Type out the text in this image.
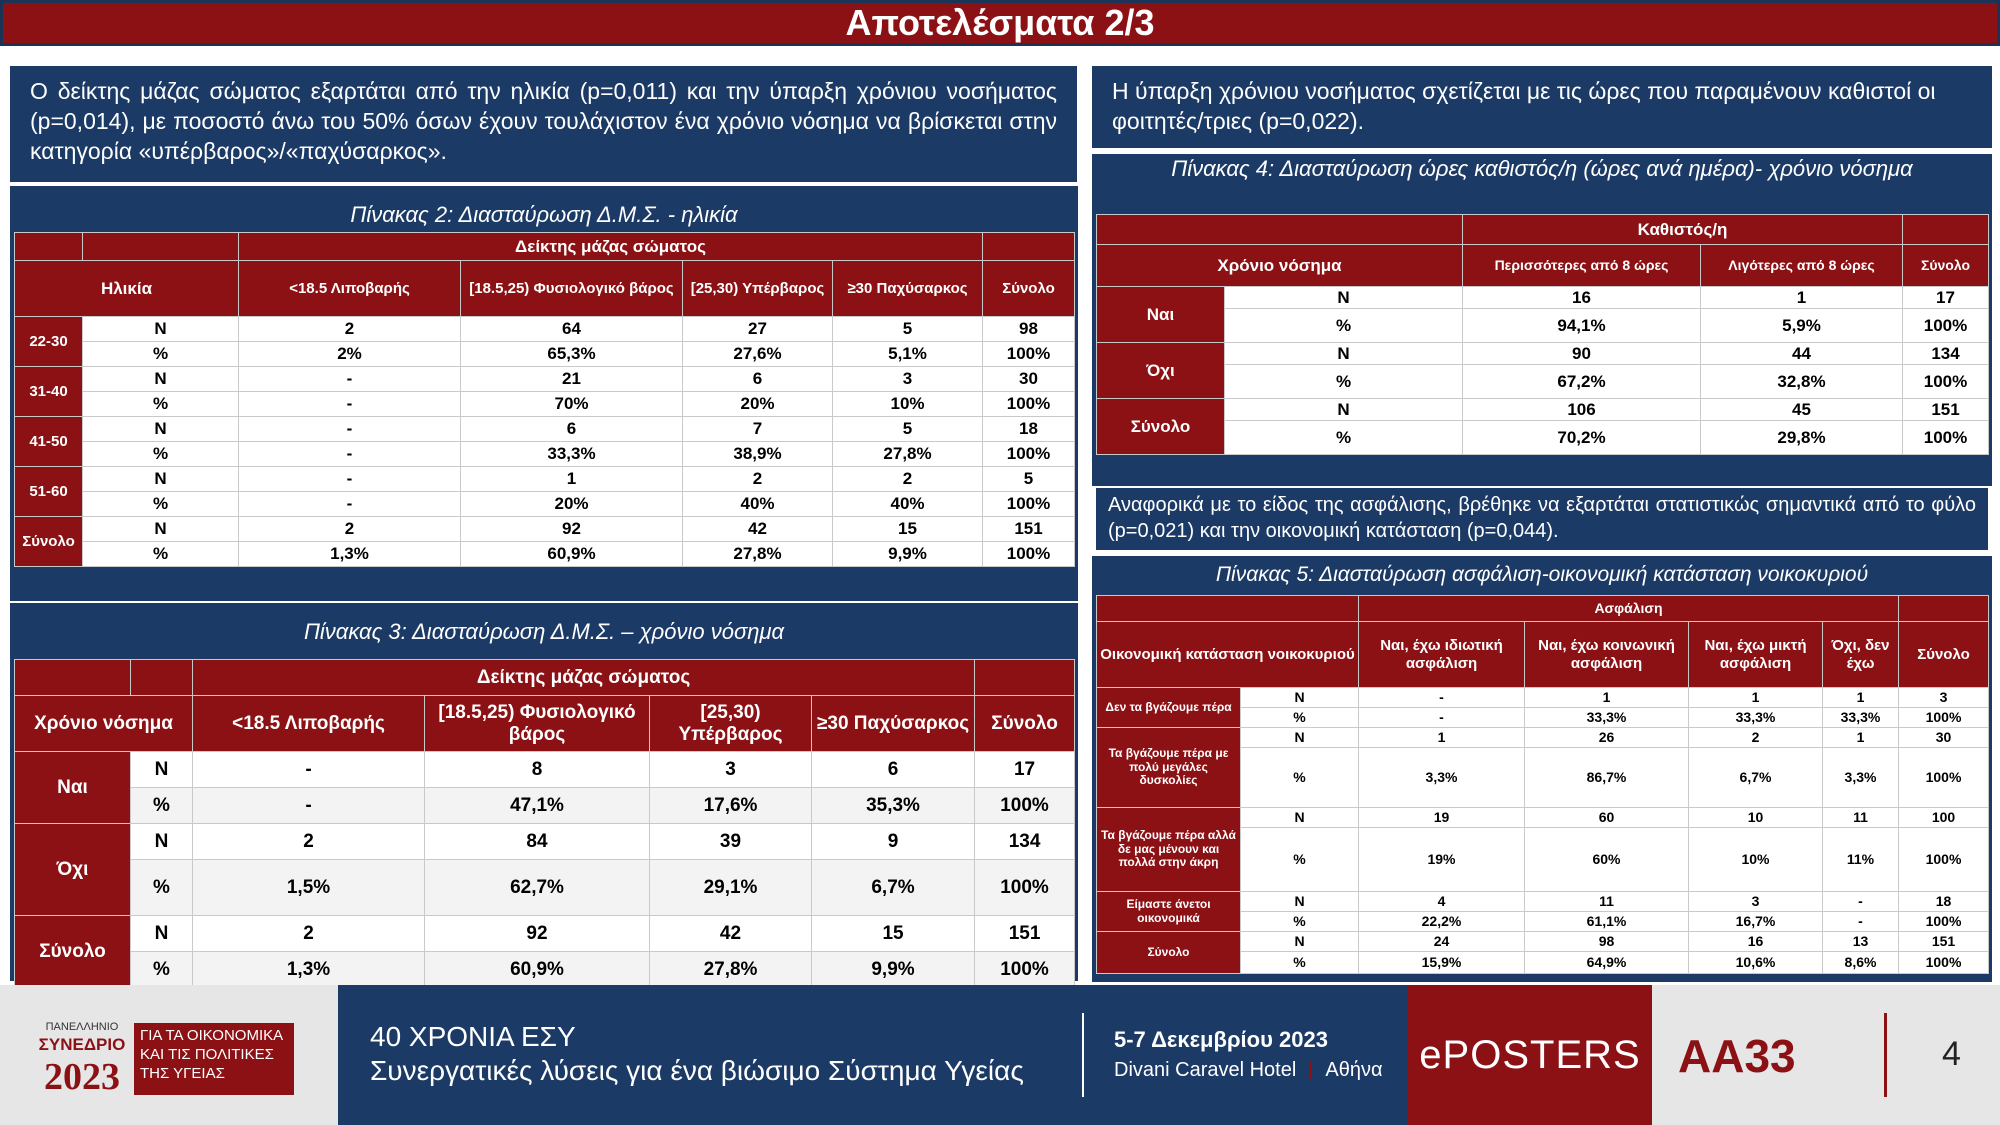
Αποτελέσματα 2/3
Ο δείκτης μάζας σώματος εξαρτάται από την ηλικία (p=0,011) και την ύπαρξη χρόνιου νοσήματος (p=0,014), με ποσοστό άνω του 50% όσων έχουν τουλάχιστον ένα χρόνιο νόσημα να βρίσκεται στην κατηγορία «υπέρβαρος»/«παχύσαρκος».
Η ύπαρξη χρόνιου νοσήματος σχετίζεται με τις ώρες που παραμένουν καθιστοί οι φοιτητές/τριες (p=0,022).
Πίνακας 2: Διασταύρωση Δ.Μ.Σ. - ηλικία
		Δείκτης μάζας σώματος				
Ηλικία		<18.5 Λιποβαρής	[18.5,25) Φυσιολογικό βάρος	[25,30) Υπέρβαρος	≥30 Παχύσαρκος	Σύνολο
22-30	Ν	2	64	27	5	98
	%	2%	65,3%	27,6%	5,1%	100%
31-40	Ν	-	21	6	3	30
	%	-	70%	20%	10%	100%
41-50	Ν	-	6	7	5	18
	%	-	33,3%	38,9%	27,8%	100%
51-60	Ν	-	1	2	2	5
	%	-	20%	40%	40%	100%
Σύνολο	Ν	2	92	42	15	151
	%	1,3%	60,9%	27,8%	9,9%	100%
Πίνακας 3: Διασταύρωση Δ.Μ.Σ. – χρόνιο νόσημα
		Δείκτης μάζας σώματος				
Χρόνιο νόσημα		<18.5 Λιποβαρής	[18.5,25) Φυσιολογικό βάρος	[25,30) Υπέρβαρος	≥30 Παχύσαρκος	Σύνολο
Ναι	Ν	-	8	3	6	17
	%	-	47,1%	17,6%	35,3%	100%
Όχι	Ν	2	84	39	9	134
	%	1,5%	62,7%	29,1%	6,7%	100%
Σύνολο	Ν	2	92	42	15	151
	%	1,3%	60,9%	27,8%	9,9%	100%
Πίνακας 4: Διασταύρωση ώρες καθιστός/η (ώρες ανά ημέρα)- χρόνιο νόσημα
		Καθιστός/η		
Χρόνιο νόσημα		Περισσότερες από 8 ώρες	Λιγότερες από 8 ώρες	Σύνολο
Ναι	Ν	16	1	17
	%	94,1%	5,9%	100%
Όχι	Ν	90	44	134
	%	67,2%	32,8%	100%
Σύνολο	Ν	106	45	151
	%	70,2%	29,8%	100%
Αναφορικά με το είδος της ασφάλισης, βρέθηκε να εξαρτάται στατιστικώς σημαντικά από το φύλο (p=0,021) και την οικονομική κατάσταση (p=0,044).
Πίνακας 5: Διασταύρωση ασφάλιση-οικονομική κατάσταση νοικοκυριού
		Ασφάλιση				
Οικονομική κατάσταση νοικοκυριού		Ναι, έχω ιδιωτική ασφάλιση	Ναι, έχω κοινωνική ασφάλιση	Ναι, έχω μικτή ασφάλιση	Όχι, δεν έχω	Σύνολο
Δεν τα βγάζουμε πέρα	Ν	-	1	1	1	3
	%	-	33,3%	33,3%	33,3%	100%
Τα βγάζουμε πέρα με πολύ μεγάλες δυσκολίες	Ν	1	26	2	1	30
	%	3,3%	86,7%	6,7%	3,3%	100%
Τα βγάζουμε πέρα αλλά δε μας μένουν και πολλά στην άκρη	Ν	19	60	10	11	100
	%	19%	60%	10%	11%	100%
Είμαστε άνετοι οικονομικά	Ν	4	11	3	-	18
	%	22,2%	61,1%	16,7%	-	100%
Σύνολο	Ν	24	98	16	13	151
	%	15,9%	64,9%	10,6%	8,6%	100%
ΠΑΝΕΛΛΗΝΙΟ
ΣΥΝΕΔΡΙΟ
2023
ΓΙΑ ΤΑ ΟΙΚΟΝΟΜΙΚΑ
ΚΑΙ ΤΙΣ ΠΟΛΙΤΙΚΕΣ
ΤΗΣ ΥΓΕΙΑΣ
40 ΧΡΟΝΙΑ ΕΣΥ
Συνεργατικές λύσεις για ένα βιώσιμο Σύστημα Υγείας
5-7 Δεκεμβρίου 2023
Divani Caravel Hotel Αθήνα ePOSTERS ΑΑ33	4
